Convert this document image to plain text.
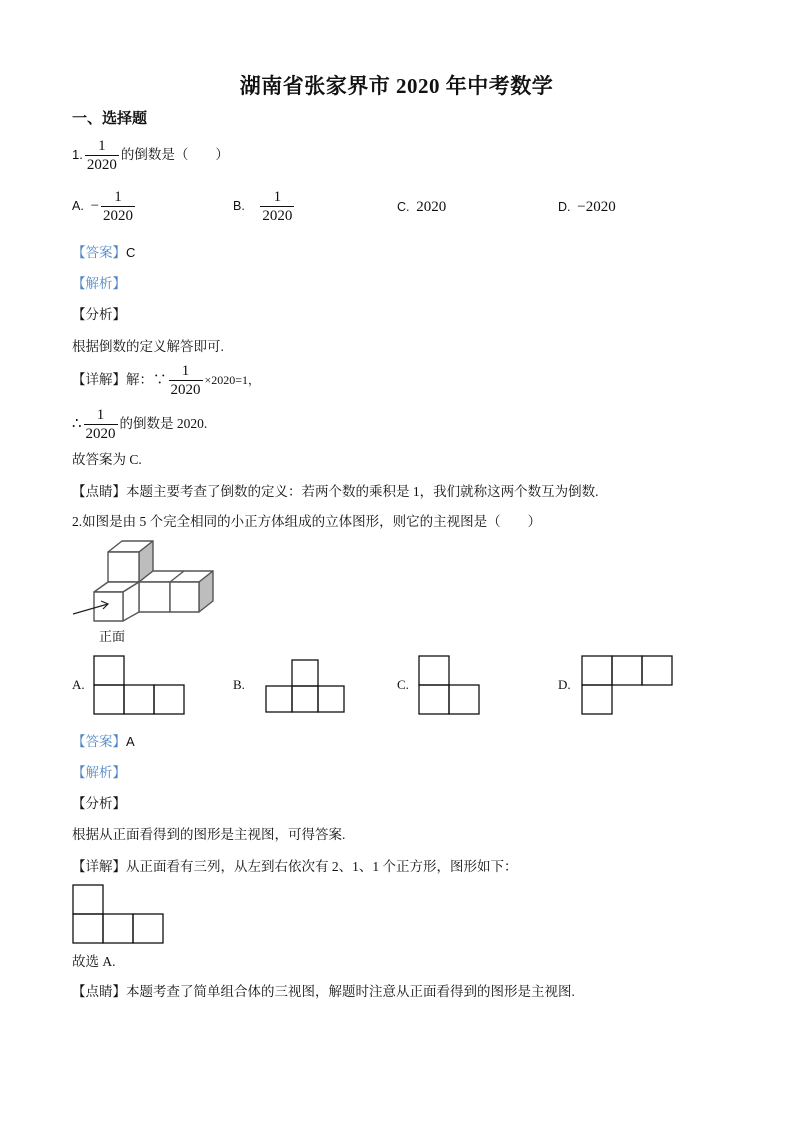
湖南省张家界市 2020 年中考数学
一、选择题
1. $\frac{1}{2020}$ 的倒数是（　　）
A. − $\frac{1}{2020}$	B. $\frac{1}{2020}$	C. 2020	D. −2020
【答案】C
【解析】
【分析】
根据倒数的定义解答即可.
【详解】解：∵ $\frac{1}{2020} \times 2020=1$，
∴ $\frac{1}{2020}$ 的倒数是 2020.
故答案为 C.
【点睛】本题主要考查了倒数的定义：若两个数的乘积是 1，我们就称这两个数互为倒数.
2.如图是由 5 个完全相同的小正方体组成的立体图形，则它的主视图是（　　）
正面
A.	B.	C.	D.
【答案】A
【解析】
【分析】
根据从正面看得到的图形是主视图，可得答案.
【详解】从正面看有三列，从左到右依次有 2、1、1 个正方形，图形如下：
故选 A.
【点睛】本题考查了简单组合体的三视图，解题时注意从正面看得到的图形是主视图.
